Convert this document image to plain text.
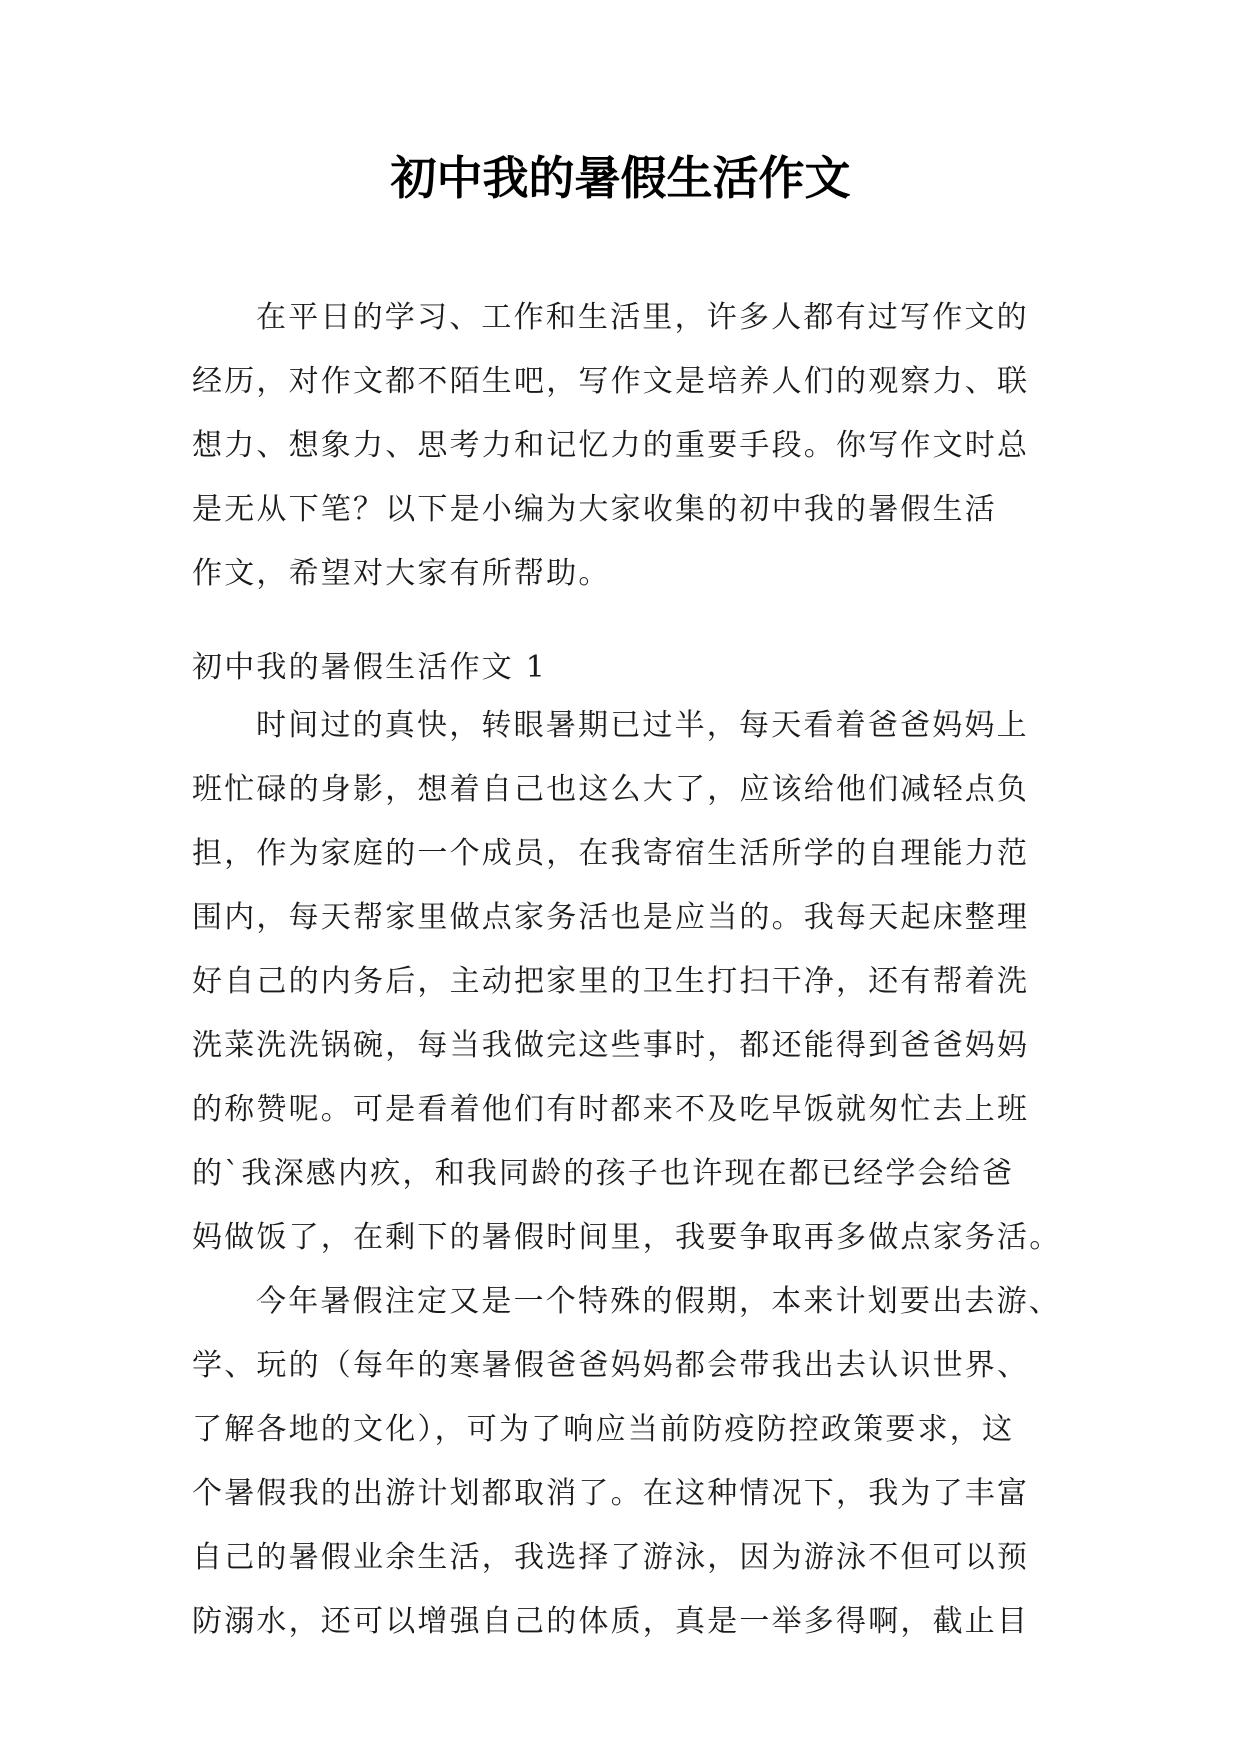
初中我的暑假生活作文

在平日的学习、工作和生活里，许多人都有过写作文的

经历，对作文都不陌生吧，写作文是培养人们的观察力、联

想力、想象力、思考力和记忆力的重要手段。你写作文时总

是无从下笔？以下是小编为大家收集的初中我的暑假生活

作文，希望对大家有所帮助。

初中我的暑假生活作文 1

时间过的真快，转眼暑期已过半，每天看着爸爸妈妈上

班忙碌的身影，想着自己也这么大了，应该给他们减轻点负

担，作为家庭的一个成员，在我寄宿生活所学的自理能力范

围内，每天帮家里做点家务活也是应当的。我每天起床整理

好自己的内务后，主动把家里的卫生打扫干净，还有帮着洗

洗菜洗洗锅碗，每当我做完这些事时，都还能得到爸爸妈妈

的称赞呢。可是看着他们有时都来不及吃早饭就匆忙去上班

的`我深感内疚，和我同龄的孩子也许现在都已经学会给爸

妈做饭了，在剩下的暑假时间里，我要争取再多做点家务活。

今年暑假注定又是一个特殊的假期，本来计划要出去游、

学、玩的（每年的寒暑假爸爸妈妈都会带我出去认识世界、

了解各地的文化），可为了响应当前防疫防控政策要求，这

个暑假我的出游计划都取消了。在这种情况下，我为了丰富

自己的暑假业余生活，我选择了游泳，因为游泳不但可以预

防溺水，还可以增强自己的体质，真是一举多得啊，截止目
